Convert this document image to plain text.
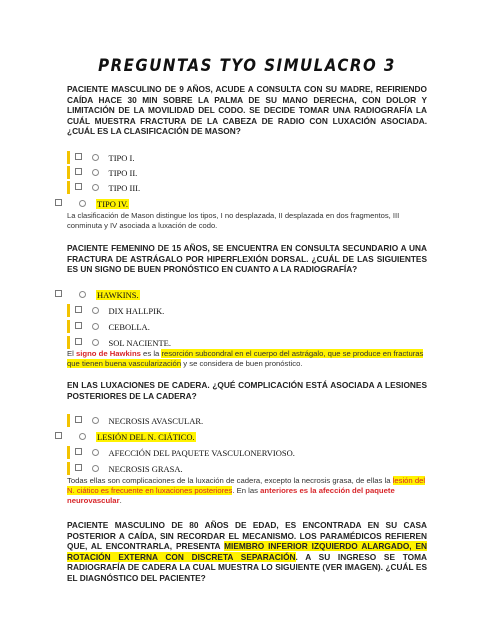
PREGUNTAS TYO SIMULACRO 3
PACIENTE MASCULINO DE 9 AÑOS, ACUDE A CONSULTA CON SU MADRE, REFIRIENDO CAÍDA HACE 30 MIN SOBRE LA PALMA DE SU MANO DERECHA, CON DOLOR Y LIMITACIÓN DE LA MOVILIDAD DEL CODO. SE DECIDE TOMAR UNA RADIOGRAFÍA LA CUÁL MUESTRA FRACTURA DE LA CABEZA DE RADIO CON LUXACIÓN ASOCIADA. ¿CUÁL ES LA CLASIFICACIÓN DE MASON?
TIPO I.
TIPO II.
TIPO III.
TIPO IV.
La clasificación de Mason distingue los tipos, I no desplazada, II desplazada en dos fragmentos, III conminuta y IV asociada a luxación de codo.
PACIENTE FEMENINO DE 15 AÑOS, SE ENCUENTRA EN CONSULTA SECUNDARIO A UNA FRACTURA DE ASTRÁGALO POR HIPERFLEXIÓN DORSAL. ¿CUÁL DE LAS SIGUIENTES ES UN SIGNO DE BUEN PRONÓSTICO EN CUANTO A LA RADIOGRAFÍA?
HAWKINS.
DIX HALLPIK.
CEBOLLA.
SOL NACIENTE.
El signo de Hawkins es la resorción subcondral en el cuerpo del astrágalo, que se produce en fracturas que tienen buena vascularización y se considera de buen pronóstico.
EN LAS LUXACIONES DE CADERA. ¿QUÉ COMPLICACIÓN ESTÁ ASOCIADA A LESIONES POSTERIORES DE LA CADERA?
NECROSIS AVASCULAR.
LESIÓN DEL N. CIÁTICO.
AFECCIÓN DEL PAQUETE VASCULONERVIOSO.
NECROSIS GRASA.
Todas ellas son complicaciones de la luxación de cadera, excepto la necrosis grasa, de ellas la lesión del N. ciático es frecuente en luxaciones posteriores. En las anteriores es la afección del paquete neurovascular.
PACIENTE MASCULINO DE 80 AÑOS DE EDAD, ES ENCONTRADA EN SU CASA POSTERIOR A CAÍDA, SIN RECORDAR EL MECANISMO. LOS PARAMÉDICOS REFIEREN QUE, AL ENCONTRARLA, PRESENTA MIEMBRO INFERIOR IZQUIERDO ALARGADO, EN ROTACIÓN EXTERNA CON DISCRETA SEPARACIÓN. A SU INGRESO SE TOMA RADIOGRAFÍA DE CADERA LA CUAL MUESTRA LO SIGUIENTE (VER IMAGEN). ¿CUÁL ES EL DIAGNÓSTICO DEL PACIENTE?
